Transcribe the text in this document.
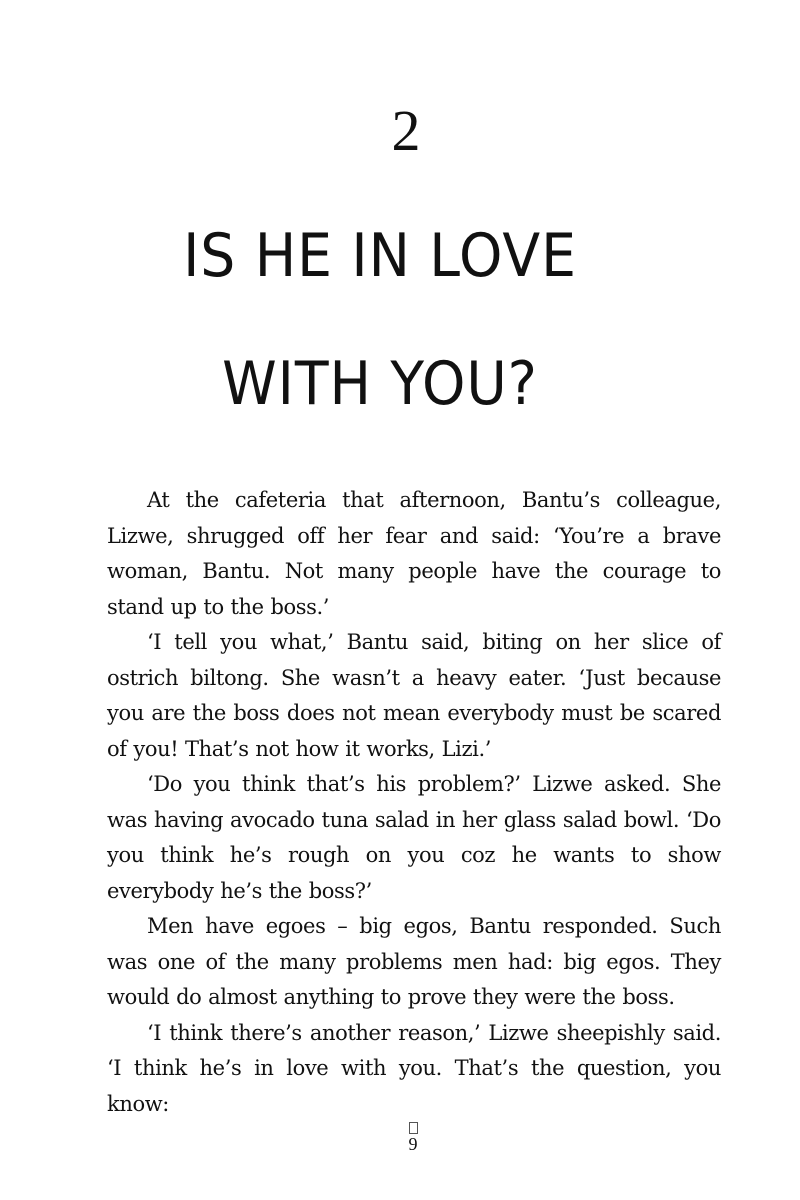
2
IS HE IN LOVE
WITH YOU?

At the cafeteria that afternoon, Bantu’s colleague, Lizwe, shrugged off her fear and said: ‘You’re a brave woman, Bantu. Not many people have the courage to stand up to the boss.’

‘I tell you what,’ Bantu said, biting on her slice of ostrich biltong. She wasn’t a heavy eater. ‘Just because you are the boss does not mean everybody must be scared of you! That’s not how it works, Lizi.’

‘Do you think that’s his problem?’ Lizwe asked. She was having avocado tuna salad in her glass salad bowl. ‘Do you think he’s rough on you coz he wants to show everybody he’s the boss?’

Men have egoes – big egos, Bantu responded. Such was one of the many problems men had: big egos. They would do almost anything to prove they were the boss.

‘I think there’s another reason,’ Lizwe sheepishly said. ‘I think he’s in love with you. That’s the question, you know:

9
